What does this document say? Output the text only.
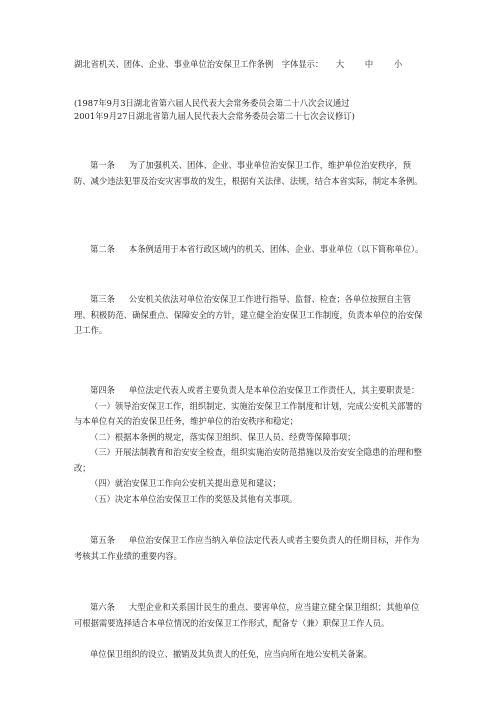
湖北省机关、团体、企业、事业单位治安保卫工作条例 字体显示： 大 中 小
(1987年9月3日湖北省第六届人民代表大会常务委员会第二十八次会议通过
2001年9月27日湖北省第九届人民代表大会常务委员会第二十七次会议修订)
第一条 为了加强机关、团体、企业、事业单位治安保卫工作，维护单位治安秩序，预防、减少违法犯罪及治安灾害事故的发生，根据有关法律、法规，结合本省实际，制定本条例。
第二条 本条例适用于本省行政区域内的机关、团体、企业、事业单位（以下简称单位）。
第三条 公安机关依法对单位治安保卫工作进行指导、监督、检查；各单位按照自主管理、积极防范、确保重点、保障安全的方针，建立健全治安保卫工作制度，负责本单位的治安保卫工作。
第四条 单位法定代表人或者主要负责人是本单位治安保卫工作责任人，其主要职责是：
（一）领导治安保卫工作，组织制定、实施治安保卫工作制度和计划，完成公安机关部署的与本单位有关的治安保卫任务，维护单位的治安秩序和稳定；
（二）根据本条例的规定，落实保卫组织、保卫人员、经费等保障事项；
（三）开展法制教育和治安安全检查，组织实施治安防范措施以及治安安全隐患的治理和整改；
（四）就治安保卫工作向公安机关提出意见和建议；
（五）决定本单位治安保卫工作的奖惩及其他有关事项。
第五条 单位治安保卫工作应当纳入单位法定代表人或者主要负责人的任期目标，并作为考核其工作业绩的重要内容。
第六条 大型企业和关系国计民生的重点、要害单位，应当建立健全保卫组织；其他单位可根据需要选择适合本单位情况的治安保卫工作形式，配备专（兼）职保卫工作人员。
单位保卫组织的设立、撤销及其负责人的任免，应当向所在地公安机关备案。
